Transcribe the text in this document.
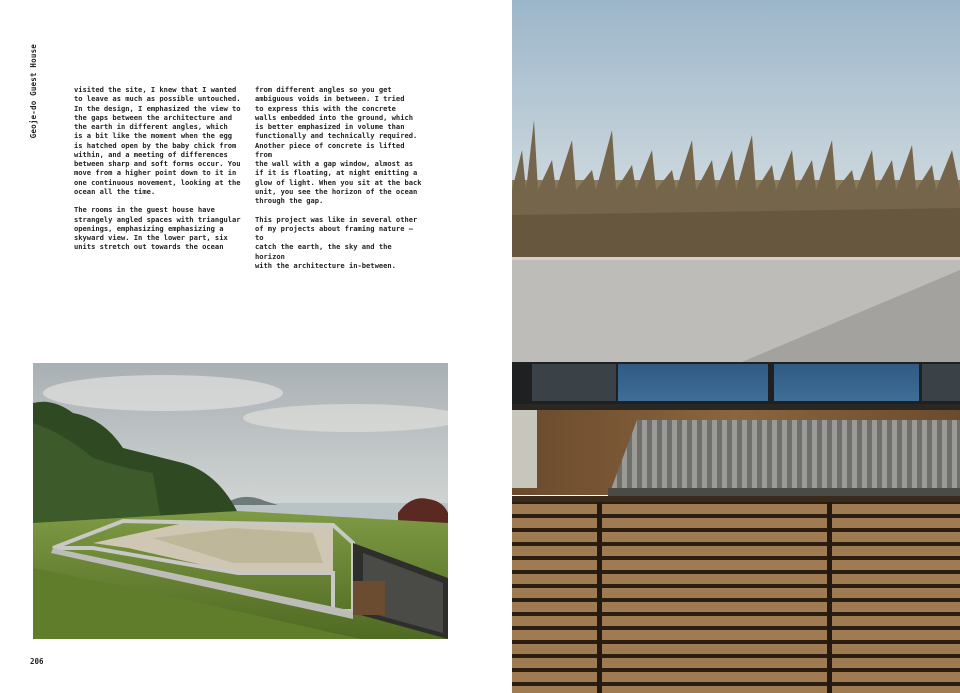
Geoje-do Guest House	visited the site, I knew that I wanted
to leave as much as possible untouched.
In the design, I emphasized the view to
the gaps between the architecture and
the earth in different angles, which
is a bit like the moment when the egg
is hatched open by the baby chick from
within, and a meeting of differences
between sharp and soft forms occur. You
move from a higher point down to it in
one continuous movement, looking at the
ocean all the time.

The rooms in the guest house have
strangely angled spaces with triangular
openings, emphasizing emphasizing a
skyward view. In the lower part, six
units stretch out towards the ocean

from different angles so you get
ambiguous voids in between. I tried
to express this with the concrete
walls embedded into the ground, which
is better emphasized in volume than
functionally and technically required.
Another piece of concrete is lifted from
the wall with a gap window, almost as
if it is floating, at night emitting a
glow of light. When you sit at the back
unit, you see the horizon of the ocean
through the gap.

This project was like in several other
of my projects about framing nature – to
catch the earth, the sky and the horizon
with the architecture in-between.

206
